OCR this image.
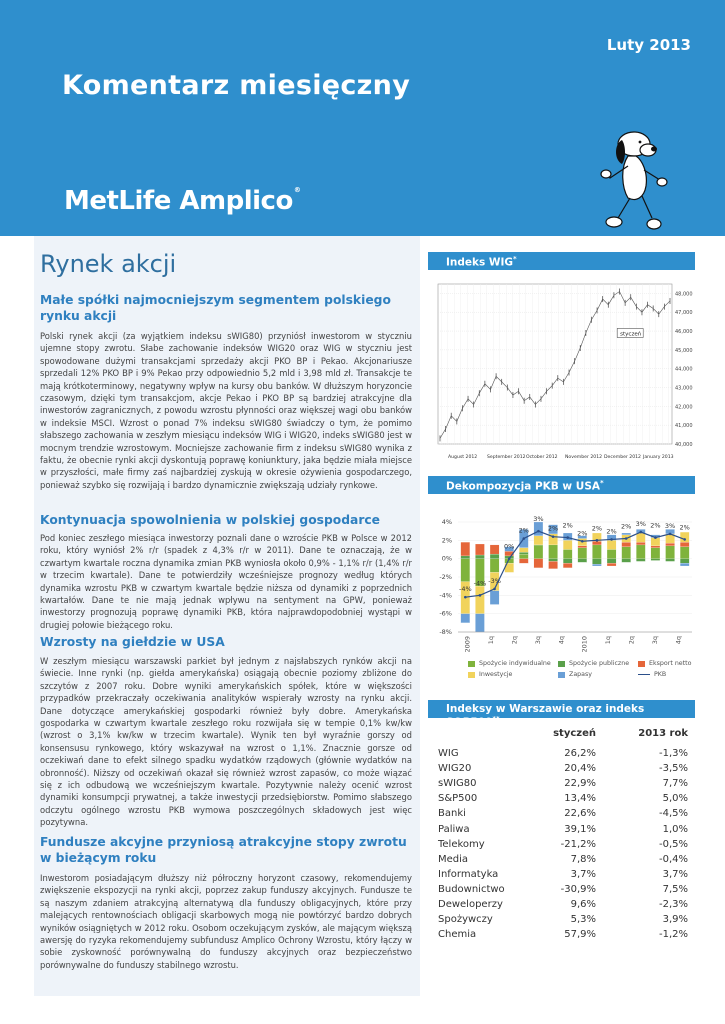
Luty 2013
Komentarz miesięczny
MetLife Amplico®
Rynek akcji
Małe spółki najmocniejszym segmentem polskiego rynku akcji
Polski rynek akcji (za wyjątkiem indeksu sWIG80) przyniósł inwestorom w styczniu ujemne stopy zwrotu. Słabe zachowanie indeksów WIG20 oraz WIG w styczniu jest spowodowane dużymi transakcjami sprzedaży akcji PKO BP i Pekao. Akcjonariusze sprzedali 12% PKO BP i 9% Pekao przy odpowiednio 5,2 mld i 3,98 mld zł. Transakcje te mają krótkoterminowy, negatywny wpływ na kursy obu banków. W dłuższym horyzoncie czasowym, dzięki tym transakcjom, akcje Pekao i PKO BP są bardziej atrakcyjne dla inwestorów zagranicznych, z powodu wzrostu płynności oraz większej wagi obu banków w indeksie MSCI. Wzrost o ponad 7% indeksu sWIG80 świadczy o tym, że pomimo słabszego zachowania w zeszłym miesiącu indeksów WIG i WIG20, indeks sWIG80 jest w mocnym trendzie wzrostowym. Mocniejsze zachowanie firm z indeksu sWIG80 wynika z faktu, że obecnie rynki akcji dyskontują poprawę koniunktury, jaka będzie miała miejsce w przyszłości, małe firmy zaś najbardziej zyskują w okresie ożywienia gospodarczego, ponieważ szybko się rozwijają i bardzo dynamicznie zwiększają udziały rynkowe.
Kontynuacja spowolnienia w polskiej gospodarce
Pod koniec zeszłego miesiąca inwestorzy poznali dane o wzroście PKB w Polsce w 2012 roku, który wyniósł 2% r/r (spadek z 4,3% r/r w 2011). Dane te oznaczają, że w czwartym kwartale roczna dynamika zmian PKB wyniosła około 0,9% - 1,1% r/r (1,4% r/r w trzecim kwartale). Dane te potwierdziły wcześniejsze prognozy według których dynamika wzrostu PKB w czwartym kwartale będzie niższa od dynamiki z poprzednich kwartałów. Dane te nie mają jednak wpływu na sentyment na GPW, ponieważ inwestorzy prognozują poprawę dynamiki PKB, która najprawdopodobniej wystąpi w drugiej połowie bieżącego roku.
Wzrosty na giełdzie w USA
W zeszłym miesiącu warszawski parkiet był jednym z najsłabszych rynków akcji na świecie. Inne rynki (np. giełda amerykańska) osiągają obecnie poziomy zbliżone do szczytów z 2007 roku. Dobre wyniki amerykańskich spółek, które w większości przypadków przekraczały oczekiwania analityków wspierały wzrosty na rynku akcji. Dane dotyczące amerykańskiej gospodarki również były dobre. Amerykańska gospodarka w czwartym kwartale zeszłego roku rozwijała się w tempie 0,1% kw/kw (wzrost o 3,1% kw/kw w trzecim kwartale). Wynik ten był wyraźnie gorszy od konsensusu rynkowego, który wskazywał na wzrost o 1,1%. Znacznie gorsze od oczekiwań dane to efekt silnego spadku wydatków rządowych (głównie wydatków na obronność). Niższy od oczekiwań okazał się również wzrost zapasów, co może wiązać się z ich odbudową we wcześniejszym kwartale. Pozytywnie należy ocenić wzrost dynamiki konsumpcji prywatnej, a także inwestycji przedsiębiorstw. Pomimo słabszego odczytu ogólnego wzrostu PKB wymowa poszczególnych składowych jest więc pozytywna.
Fundusze akcyjne przyniosą atrakcyjne stopy zwrotu w bieżącym roku
Inwestorom posiadającym dłuższy niż półroczny horyzont czasowy, rekomendujemy zwiększenie ekspozycji na rynki akcji, poprzez zakup funduszy akcyjnych. Fundusze te są naszym zdaniem atrakcyjną alternatywą dla funduszy obligacyjnych, które przy malejących rentownościach obligacji skarbowych mogą nie powtórzyć bardzo dobrych wyników osiągniętych w 2012 roku. Osobom oczekującym zysków, ale mającym większą awersję do ryzyka rekomendujemy subfundusz Amplico Ochrony Wzrostu, który łączy w sobie zyskowność porównywalną do funduszy akcyjnych oraz bezpieczeństwo porównywalne do funduszy stabilnego wzrostu.
Indeks WIG*
40,000
41,000
42,000
43,000
44,000
45,000
46,000
47,000
48,000
styczeń
August 2012 September 2012 October 2012 November 2012 December 2012 January 2013
Dekompozycja PKB w USA*
4%
2%
0%
-2%
-4%
-6%
-8%
-4%
-4% -3%
0%
2%
3%
2% 2%
2%
2% 2%
2% 3% 2% 3% 2%
2009 1q 2q 3q 4q 2010 1q 2q 3q 4q
Spożycie indywidualne	Spożycie publiczne	Eksport netto
Inwestycje	Zapasy	PKB
Indeksy w Warszawie oraz indeks S&P500**
styczeń	2013 rok
WIG	26,2%	-1,3%
WIG20	20,4%	-3,5%
sWIG80	22,9%	7,7%
S&P500	13,4%	5,0%
Banki	22,6%	-4,5%
Paliwa	39,1%	1,0%
Telekomy	-21,2%	-0,5%
Media	7,8%	-0,4%
Informatyka	3,7%	3,7%
Budownictwo	-30,9%	7,5%
Deweloperzy	9,6%	-2,3%
Spożywczy	5,3%	3,9%
Chemia	57,9%	-1,2%
